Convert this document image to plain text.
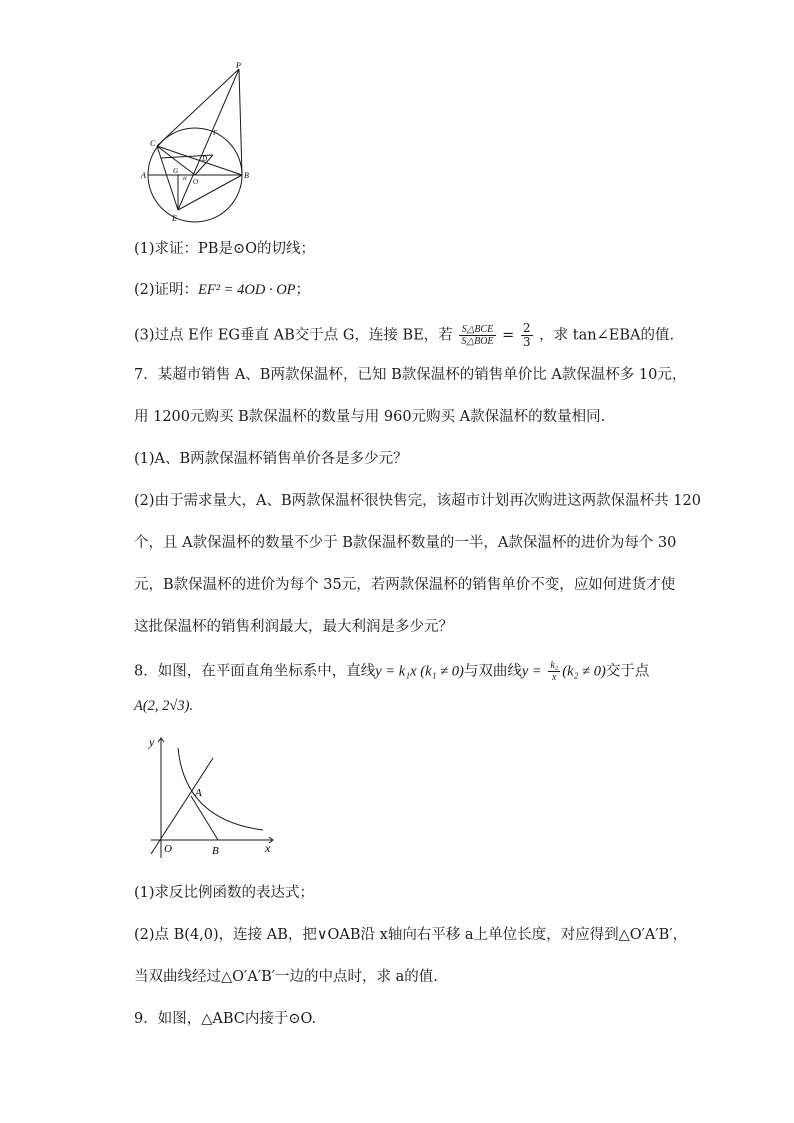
P
C
F
D
A	G
H O
B
E
(1)求证：PB是⊙O的切线；
(2)证明：EF² = 4OD · OP；
(3)过点 E作 EG垂直 AB交于点 G，连接 BE，若 $\frac{\text{S△BCE}}{\text{S△BOE}} = \frac{2}{3}$ ，求 tan∠EBA的值.
7．某超市销售 A、B两款保温杯，已知 B款保温杯的销售单价比 A款保温杯多 10元，
用 1200元购买 B款保温杯的数量与用 960元购买 A款保温杯的数量相同.
(1)A、B两款保温杯销售单价各是多少元？
(2)由于需求量大，A、B两款保温杯很快售完，该超市计划再次购进这两款保温杯共 120
个，且 A款保温杯的数量不少于 B款保温杯数量的一半，A款保温杯的进价为每个 30
元，B款保温杯的进价为每个 35元，若两款保温杯的销售单价不变，应如何进货才使
这批保温杯的销售利润最大，最大利润是多少元？
8．如图，在平面直角坐标系中，直线y = k₁x (k₁ ≠ 0)与双曲线$y = \frac{\text{k₂}}{x} (k_2 \ne 0)$交于点
A(2, 2√3).
y
A
O	B	x
(1)求反比例函数的表达式；
(2)点 B(4,0)，连接 AB，把∨OAB沿 x轴向右平移 a上单位长度，对应得到△O′A′B′，
当双曲线经过△O′A′B′一边的中点时，求 a的值.
9．如图，△ABC内接于⊙O.
